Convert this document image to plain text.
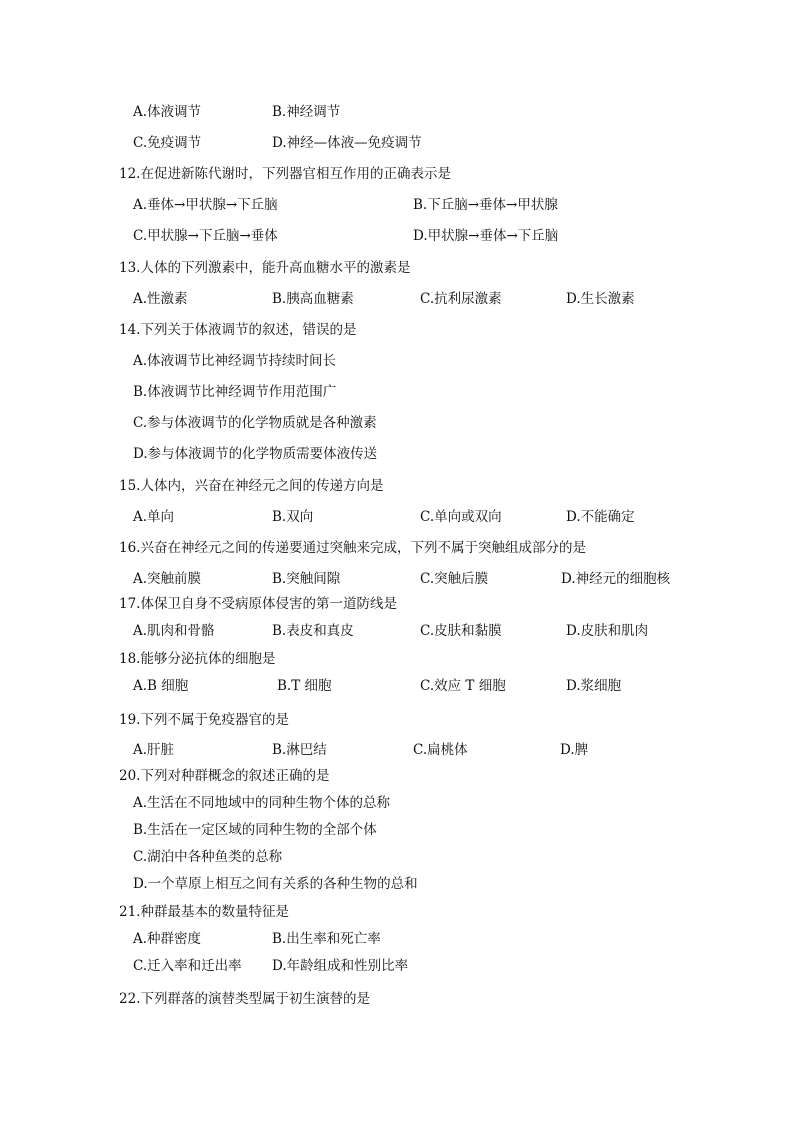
A.体液调节	B.神经调节
C.免疫调节	D.神经—体液—免疫调节
12.在促进新陈代谢时，下列器官相互作用的正确表示是
A.垂体→甲状腺→下丘脑	B.下丘脑→垂体→甲状腺
C.甲状腺→下丘脑→垂体	D.甲状腺→垂体→下丘脑
13.人体的下列激素中，能升高血糖水平的激素是
A.性激素	B.胰高血糖素	C.抗利尿激素	D.生长激素
14.下列关于体液调节的叙述，错误的是
A.体液调节比神经调节持续时间长
B.体液调节比神经调节作用范围广
C.参与体液调节的化学物质就是各种激素
D.参与体液调节的化学物质需要体液传送
15.人体内，兴奋在神经元之间的传递方向是
A.单向	B.双向	C.单向或双向	D.不能确定
16.兴奋在神经元之间的传递要通过突触来完成，下列不属于突触组成部分的是
A.突触前膜	B.突触间隙	C.突触后膜	D.神经元的细胞核
17.体保卫自身不受病原体侵害的第一道防线是
A.肌肉和骨骼	B.表皮和真皮	C.皮肤和黏膜	D.皮肤和肌肉
18.能够分泌抗体的细胞是
A.B 细胞	B.T 细胞	C.效应 T 细胞	D.浆细胞
19.下列不属于免疫器官的是
A.肝脏	B.淋巴结	C.扁桃体	D.脾
20.下列对种群概念的叙述正确的是
A.生活在不同地域中的同种生物个体的总称
B.生活在一定区域的同种生物的全部个体
C.湖泊中各种鱼类的总称
D.一个草原上相互之间有关系的各种生物的总和
21.种群最基本的数量特征是
A.种群密度	B.出生率和死亡率
C.迁入率和迁出率 D.年龄组成和性别比率
22.下列群落的演替类型属于初生演替的是
